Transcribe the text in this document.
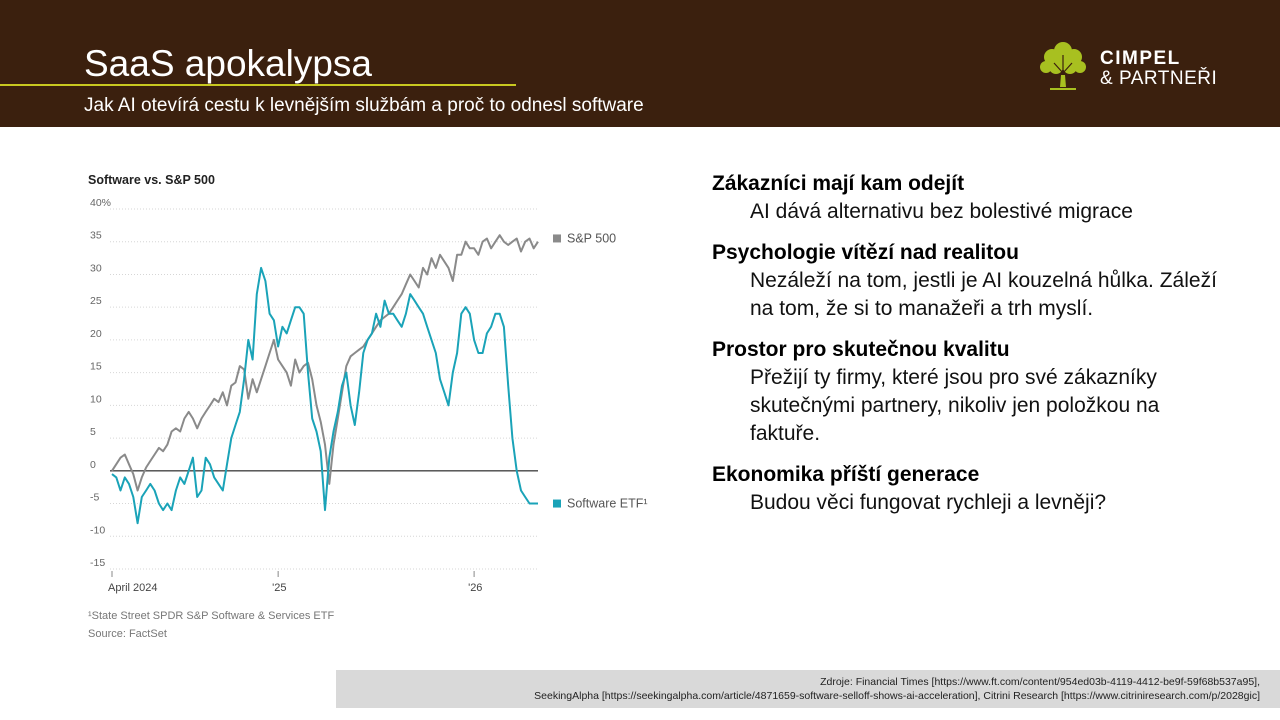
SaaS apokalypsa
Jak AI otevírá cestu k levnějším službám a proč to odnesl software
CIMPEL
& PARTNEŘI
Software vs. S&P 500
40%
35
30
25
20
15
10
5
0
-5
-10
-15
April 2024	'25	'26
S&P 500
Software ETF¹
¹State Street SPDR S&P Software & Services ETF
Source: FactSet
Zákazníci mají kam odejít

AI dává alternativu bez bolestivé migrace

Psychologie vítězí nad realitou

Nezáleží na tom, jestli je AI kouzelná hůlka. Záleží na tom, že si to manažeři a trh myslí.

Prostor pro skutečnou kvalitu

Přežijí ty firmy, které jsou pro své zákazníky skutečnými partnery, nikoliv jen položkou na faktuře.

Ekonomika příští generace

Budou věci fungovat rychleji a levněji?

Zdroje: Financial Times [https://www.ft.com/content/954ed03b-4119-4412-be9f-59f68b537a95],
SeekingAlpha [https://seekingalpha.com/article/4871659-software-selloff-shows-ai-acceleration], Citrini Research [https://www.citriniresearch.com/p/2028gic]
